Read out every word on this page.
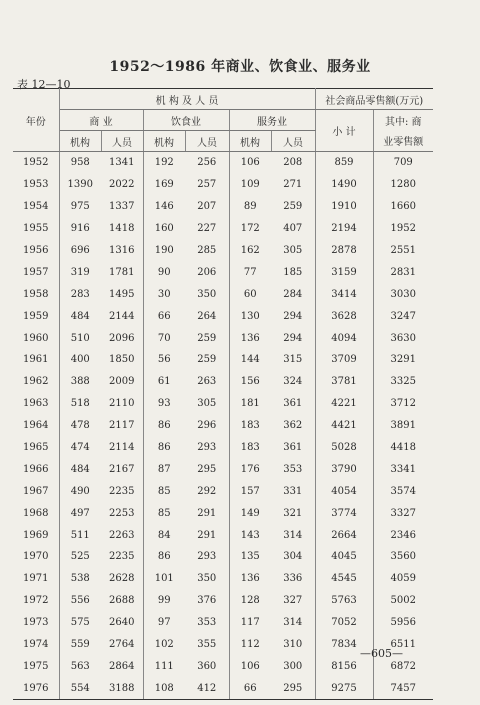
1952～1986 年商业、饮食业、服务业
表 12—10
年份	机 构 及 人 员						社会商品零售额(万元)	
	商 业		饮食业		服务业		小 计	其中: 商
	机构	人员	机构	人员	机构	人员		业零售额
1952	958	1341	192	256	106	208	859	709
1953	1390	2022	169	257	109	271	1490	1280
1954	975	1337	146	207	89	259	1910	1660
1955	916	1418	160	227	172	407	2194	1952
1956	696	1316	190	285	162	305	2878	2551
1957	319	1781	90	206	77	185	3159	2831
1958	283	1495	30	350	60	284	3414	3030
1959	484	2144	66	264	130	294	3628	3247
1960	510	2096	70	259	136	294	4094	3630
1961	400	1850	56	259	144	315	3709	3291
1962	388	2009	61	263	156	324	3781	3325
1963	518	2110	93	305	181	361	4221	3712
1964	478	2117	86	296	183	362	4421	3891
1965	474	2114	86	293	183	361	5028	4418
1966	484	2167	87	295	176	353	3790	3341
1967	490	2235	85	292	157	331	4054	3574
1968	497	2253	85	291	149	321	3774	3327
1969	511	2263	84	291	143	314	2664	2346
1970	525	2235	86	293	135	304	4045	3560
1971	538	2628	101	350	136	336	4545	4059
1972	556	2688	99	376	128	327	5763	5002
1973	575	2640	97	353	117	314	7052	5956
1974	559	2764	102	355	112	310	7834	6511
1975	563	2864	111	360	106	300	8156	6872
1976	554	3188	108	412	66	295	9275	7457
—605—
